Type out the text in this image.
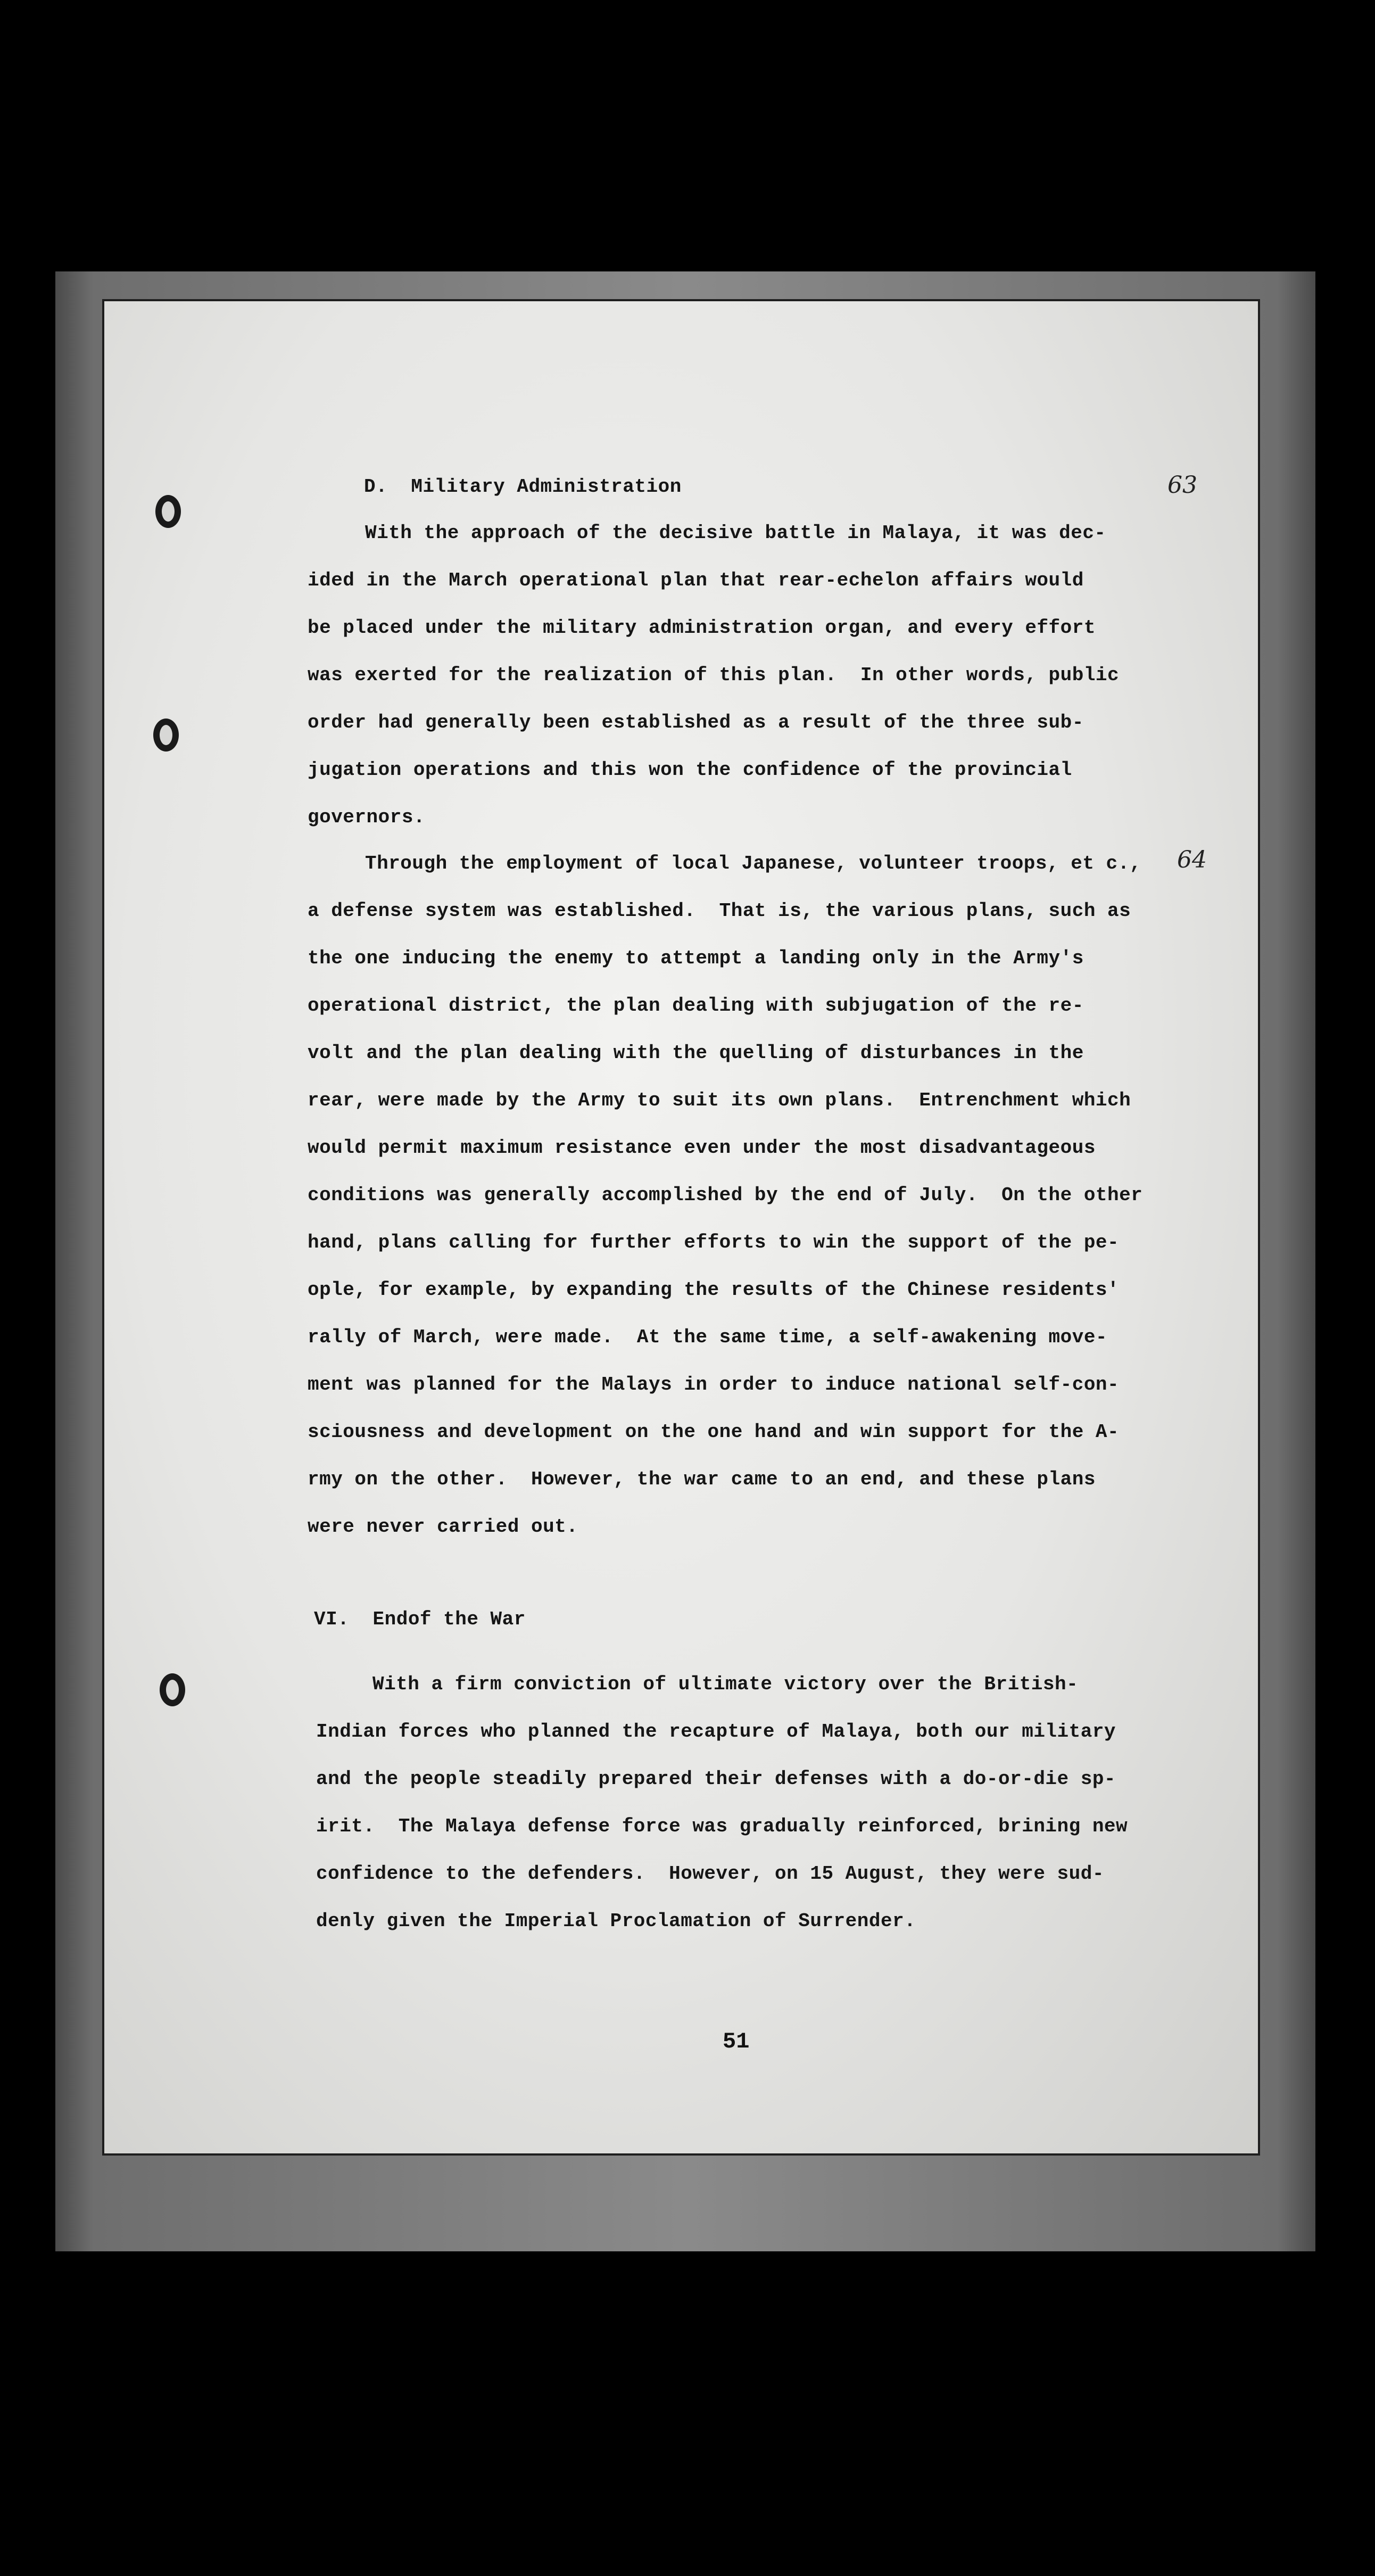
D.  Military Administration	63
With the approach of the decisive battle in Malaya, it was dec-
ided in the March operational plan that rear-echelon affairs would
be placed under the military administration organ, and every effort
was exerted for the realization of this plan.  In other words, public
order had generally been established as a result of the three sub-
jugation operations and this won the confidence of the provincial
governors.
64
Through the employment of local Japanese, volunteer troops, et c.,
a defense system was established.  That is, the various plans, such as
the one inducing the enemy to attempt a landing only in the Army's
operational district, the plan dealing with subjugation of the re-
volt and the plan dealing with the quelling of disturbances in the
rear, were made by the Army to suit its own plans.  Entrenchment which
would permit maximum resistance even under the most disadvantageous
conditions was generally accomplished by the end of July.  On the other
hand, plans calling for further efforts to win the support of the pe-
ople, for example, by expanding the results of the Chinese residents'
rally of March, were made.  At the same time, a self-awakening move-
ment was planned for the Malays in order to induce national self-con-
sciousness and development on the one hand and win support for the A-
rmy on the other.  However, the war came to an end, and these plans
were never carried out.
VI.  Endof the War
With a firm conviction of ultimate victory over the British-
Indian forces who planned the recapture of Malaya, both our military
and the people steadily prepared their defenses with a do-or-die sp-
irit.  The Malaya defense force was gradually reinforced, brining new
confidence to the defenders.  However, on 15 August, they were sud-
denly given the Imperial Proclamation of Surrender.
51
